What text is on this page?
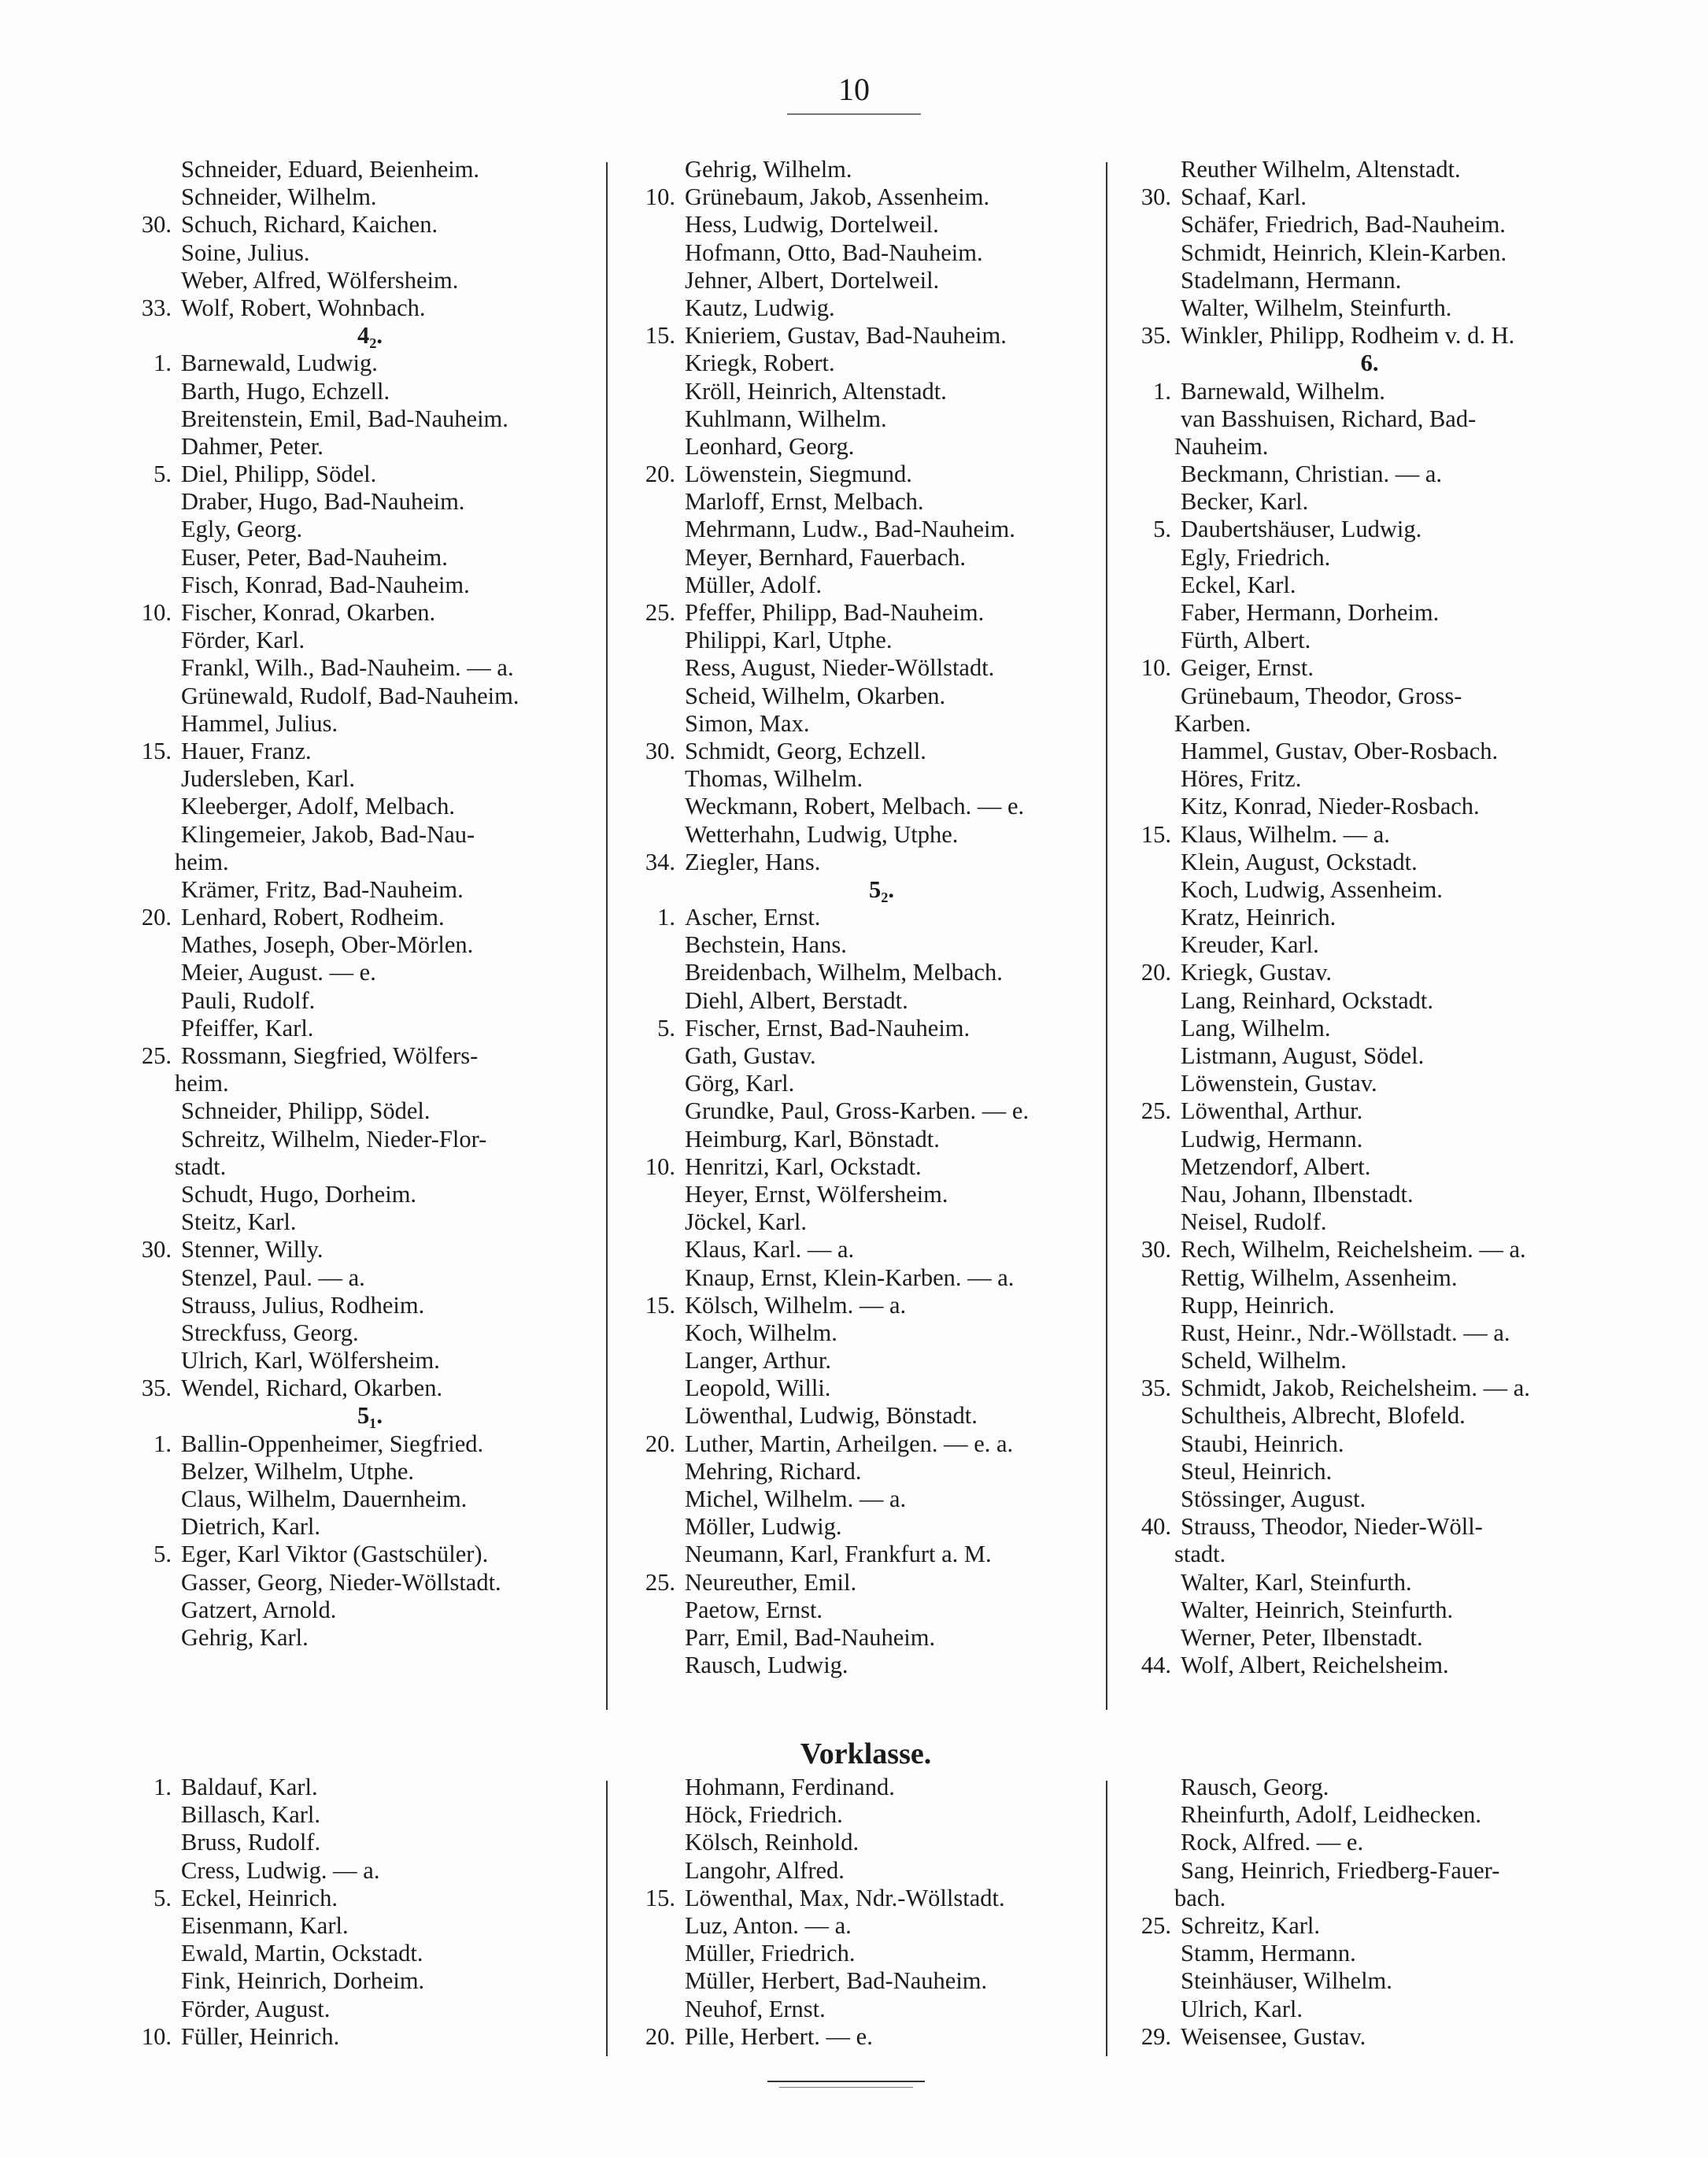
10
Schneider, Eduard, Beienheim.
Schneider, Wilhelm.
30. Schuch, Richard, Kaichen.
Soine, Julius.
Weber, Alfred, Wölfersheim.
33. Wolf, Robert, Wohnbach.
4₂.
1. Barnewald, Ludwig.
Barth, Hugo, Echzell.
Breitenstein, Emil, Bad-Nauheim.
Dahmer, Peter.
5. Diel, Philipp, Södel.
Draber, Hugo, Bad-Nauheim.
Egly, Georg.
Euser, Peter, Bad-Nauheim.
Fisch, Konrad, Bad-Nauheim.
10. Fischer, Konrad, Okarben.
Förder, Karl.
Frankl, Wilh., Bad-Nauheim. — a.
Grünewald, Rudolf, Bad-Nauheim.
Hammel, Julius.
15. Hauer, Franz.
Judersleben, Karl.
Kleeberger, Adolf, Melbach.
Klingemeier, Jakob, Bad-Nau-
heim.
Krämer, Fritz, Bad-Nauheim.
20. Lenhard, Robert, Rodheim.
Mathes, Joseph, Ober-Mörlen.
Meier, August. — e.
Pauli, Rudolf.
Pfeiffer, Karl.
25. Rossmann, Siegfried, Wölfers-
heim.
Schneider, Philipp, Södel.
Schreitz, Wilhelm, Nieder-Flor-
stadt.
Schudt, Hugo, Dorheim.
Steitz, Karl.
30. Stenner, Willy.
Stenzel, Paul. — a.
Strauss, Julius, Rodheim.
Streckfuss, Georg.
Ulrich, Karl, Wölfersheim.
35. Wendel, Richard, Okarben.
5₁.
1. Ballin-Oppenheimer, Siegfried.
Belzer, Wilhelm, Utphe.
Claus, Wilhelm, Dauernheim.
Dietrich, Karl.
5. Eger, Karl Viktor (Gastschüler).
Gasser, Georg, Nieder-Wöllstadt.
Gatzert, Arnold.
Gehrig, Karl.
Gehrig, Wilhelm.
10. Grünebaum, Jakob, Assenheim.
Hess, Ludwig, Dortelweil.
Hofmann, Otto, Bad-Nauheim.
Jehner, Albert, Dortelweil.
Kautz, Ludwig.
15. Knieriem, Gustav, Bad-Nauheim.
Kriegk, Robert.
Kröll, Heinrich, Altenstadt.
Kuhlmann, Wilhelm.
Leonhard, Georg.
20. Löwenstein, Siegmund.
Marloff, Ernst, Melbach.
Mehrmann, Ludw., Bad-Nauheim.
Meyer, Bernhard, Fauerbach.
Müller, Adolf.
25. Pfeffer, Philipp, Bad-Nauheim.
Philippi, Karl, Utphe.
Ress, August, Nieder-Wöllstadt.
Scheid, Wilhelm, Okarben.
Simon, Max.
30. Schmidt, Georg, Echzell.
Thomas, Wilhelm.
Weckmann, Robert, Melbach. — e.
Wetterhahn, Ludwig, Utphe.
34. Ziegler, Hans.
5₂.
1. Ascher, Ernst.
Bechstein, Hans.
Breidenbach, Wilhelm, Melbach.
Diehl, Albert, Berstadt.
5. Fischer, Ernst, Bad-Nauheim.
Gath, Gustav.
Görg, Karl.
Grundke, Paul, Gross-Karben. — e.
Heimburg, Karl, Bönstadt.
10. Henritzi, Karl, Ockstadt.
Heyer, Ernst, Wölfersheim.
Jöckel, Karl.
Klaus, Karl. — a.
Knaup, Ernst, Klein-Karben. — a.
15. Kölsch, Wilhelm. — a.
Koch, Wilhelm.
Langer, Arthur.
Leopold, Willi.
Löwenthal, Ludwig, Bönstadt.
20. Luther, Martin, Arheilgen. — e. a.
Mehring, Richard.
Michel, Wilhelm. — a.
Möller, Ludwig.
Neumann, Karl, Frankfurt a. M.
25. Neureuther, Emil.
Paetow, Ernst.
Parr, Emil, Bad-Nauheim.
Rausch, Ludwig.
Reuther Wilhelm, Altenstadt.
30. Schaaf, Karl.
Schäfer, Friedrich, Bad-Nauheim.
Schmidt, Heinrich, Klein-Karben.
Stadelmann, Hermann.
Walter, Wilhelm, Steinfurth.
35. Winkler, Philipp, Rodheim v. d. H.
6.
1. Barnewald, Wilhelm.
van Basshuisen, Richard, Bad-
Nauheim.
Beckmann, Christian. — a.
Becker, Karl.
5. Daubertshäuser, Ludwig.
Egly, Friedrich.
Eckel, Karl.
Faber, Hermann, Dorheim.
Fürth, Albert.
10. Geiger, Ernst.
Grünebaum, Theodor, Gross-
Karben.
Hammel, Gustav, Ober-Rosbach.
Höres, Fritz.
Kitz, Konrad, Nieder-Rosbach.
15. Klaus, Wilhelm. — a.
Klein, August, Ockstadt.
Koch, Ludwig, Assenheim.
Kratz, Heinrich.
Kreuder, Karl.
20. Kriegk, Gustav.
Lang, Reinhard, Ockstadt.
Lang, Wilhelm.
Listmann, August, Södel.
Löwenstein, Gustav.
25. Löwenthal, Arthur.
Ludwig, Hermann.
Metzendorf, Albert.
Nau, Johann, Ilbenstadt.
Neisel, Rudolf.
30. Rech, Wilhelm, Reichelsheim. — a.
Rettig, Wilhelm, Assenheim.
Rupp, Heinrich.
Rust, Heinr., Ndr.-Wöllstadt. — a.
Scheld, Wilhelm.
35. Schmidt, Jakob, Reichelsheim. — a.
Schultheis, Albrecht, Blofeld.
Staubi, Heinrich.
Steul, Heinrich.
Stössinger, August.
40. Strauss, Theodor, Nieder-Wöll-
stadt.
Walter, Karl, Steinfurth.
Walter, Heinrich, Steinfurth.
Werner, Peter, Ilbenstadt.
44. Wolf, Albert, Reichelsheim.
Vorklasse.
1. Baldauf, Karl.
Billasch, Karl.
Bruss, Rudolf.
Cress, Ludwig. — a.
5. Eckel, Heinrich.
Eisenmann, Karl.
Ewald, Martin, Ockstadt.
Fink, Heinrich, Dorheim.
Förder, August.
10. Füller, Heinrich.
Hohmann, Ferdinand.
Höck, Friedrich.
Kölsch, Reinhold.
Langohr, Alfred.
15. Löwenthal, Max, Ndr.-Wöllstadt.
Luz, Anton. — a.
Müller, Friedrich.
Müller, Herbert, Bad-Nauheim.
Neuhof, Ernst.
20. Pille, Herbert. — e.
Rausch, Georg.
Rheinfurth, Adolf, Leidhecken.
Rock, Alfred. — e.
Sang, Heinrich, Friedberg-Fauer-
bach.
25. Schreitz, Karl.
Stamm, Hermann.
Steinhäuser, Wilhelm.
Ulrich, Karl.
29. Weisensee, Gustav.
